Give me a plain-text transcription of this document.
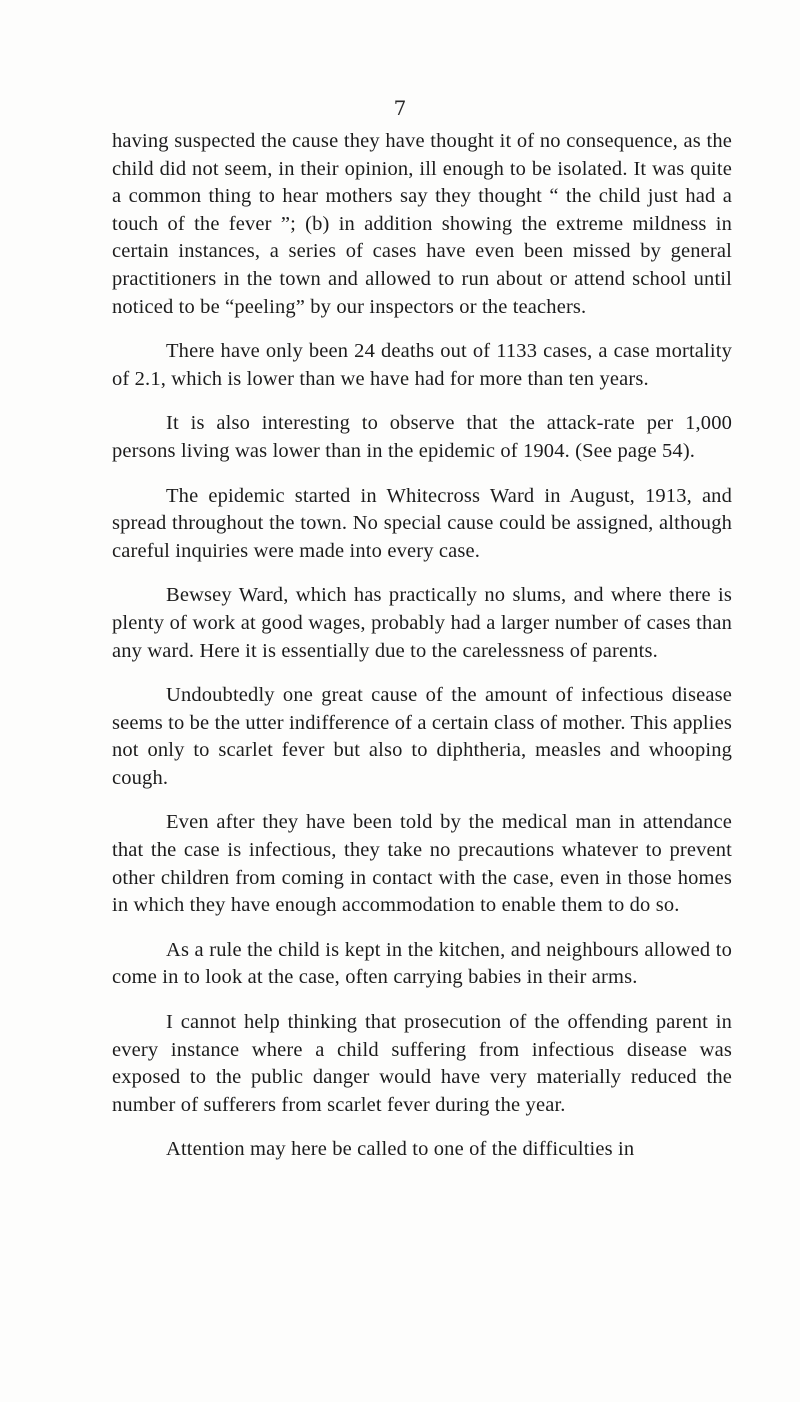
7

having suspected the cause they have thought it of no consequence, as the child did not seem, in their opinion, ill enough to be isolated. It was quite a common thing to hear mothers say they thought “ the child just had a touch of the fever ”; (b) in addition showing the extreme mildness in certain instances, a series of cases have even been missed by general practitioners in the town and allowed to run about or attend school until noticed to be “peeling” by our inspectors or the teachers.

There have only been 24 deaths out of 1133 cases, a case mortality of 2.1, which is lower than we have had for more than ten years.

It is also interesting to observe that the attack-rate per 1,000 persons living was lower than in the epidemic of 1904. (See page 54).

The epidemic started in Whitecross Ward in August, 1913, and spread throughout the town. No special cause could be assigned, although careful inquiries were made into every case.

Bewsey Ward, which has practically no slums, and where there is plenty of work at good wages, probably had a larger number of cases than any ward. Here it is essentially due to the carelessness of parents.

Undoubtedly one great cause of the amount of infectious disease seems to be the utter indifference of a certain class of mother. This applies not only to scarlet fever but also to diphtheria, measles and whooping cough.

Even after they have been told by the medical man in attendance that the case is infectious, they take no precautions whatever to prevent other children from coming in contact with the case, even in those homes in which they have enough accommodation to enable them to do so.

As a rule the child is kept in the kitchen, and neighbours allowed to come in to look at the case, often carrying babies in their arms.

I cannot help thinking that prosecution of the offending parent in every instance where a child suffering from infectious disease was exposed to the public danger would have very materially reduced the number of sufferers from scarlet fever during the year.

Attention may here be called to one of the difficulties in
